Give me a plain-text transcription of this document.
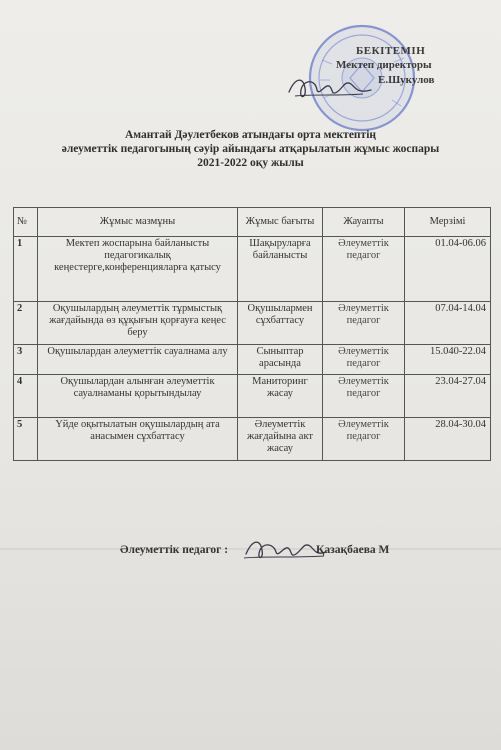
БЕКІТЕМІН
Мектеп директоры
Е.Шукулов
Амантай Дәулетбеков атындағы орта мектептің
әлеуметтік педагогының сәуір айындағы атқарылатын жұмыс жоспары
2021-2022 оқу жылы
№	Жұмыс мазмұны	Жұмыс бағыты	Жауапты	Мерзімі
1	Мектеп жоспарына байланысты педагогикалық кеңестерге,конференцияларға қатысу	Шақыруларға байланысты	Әлеуметтік педагог	01.04-06.06
2	Оқушылардың әлеуметтік тұрмыстық жағдайында өз құқығын қорғауға кеңес беру	Оқушылармен сұхбаттасу	Әлеуметтік педагог	07.04-14.04
3	Оқушылардан әлеуметтік сауалнама алу	Сыныптар арасында	Әлеуметтік педагог	15.040-22.04
4	Оқушылардан алынған әлеуметтік сауалнаманы қорытындылау	Маниторинг жасау	Әлеуметтік педагог	23.04-27.04
5	Үйде оқытылатын оқушылардың ата анасымен сұхбаттасу	Әлеуметтік жағдайына акт жасау	Әлеуметтік педагог	28.04-30.04
Әлеуметтік педагог :	Қазақбаева М
